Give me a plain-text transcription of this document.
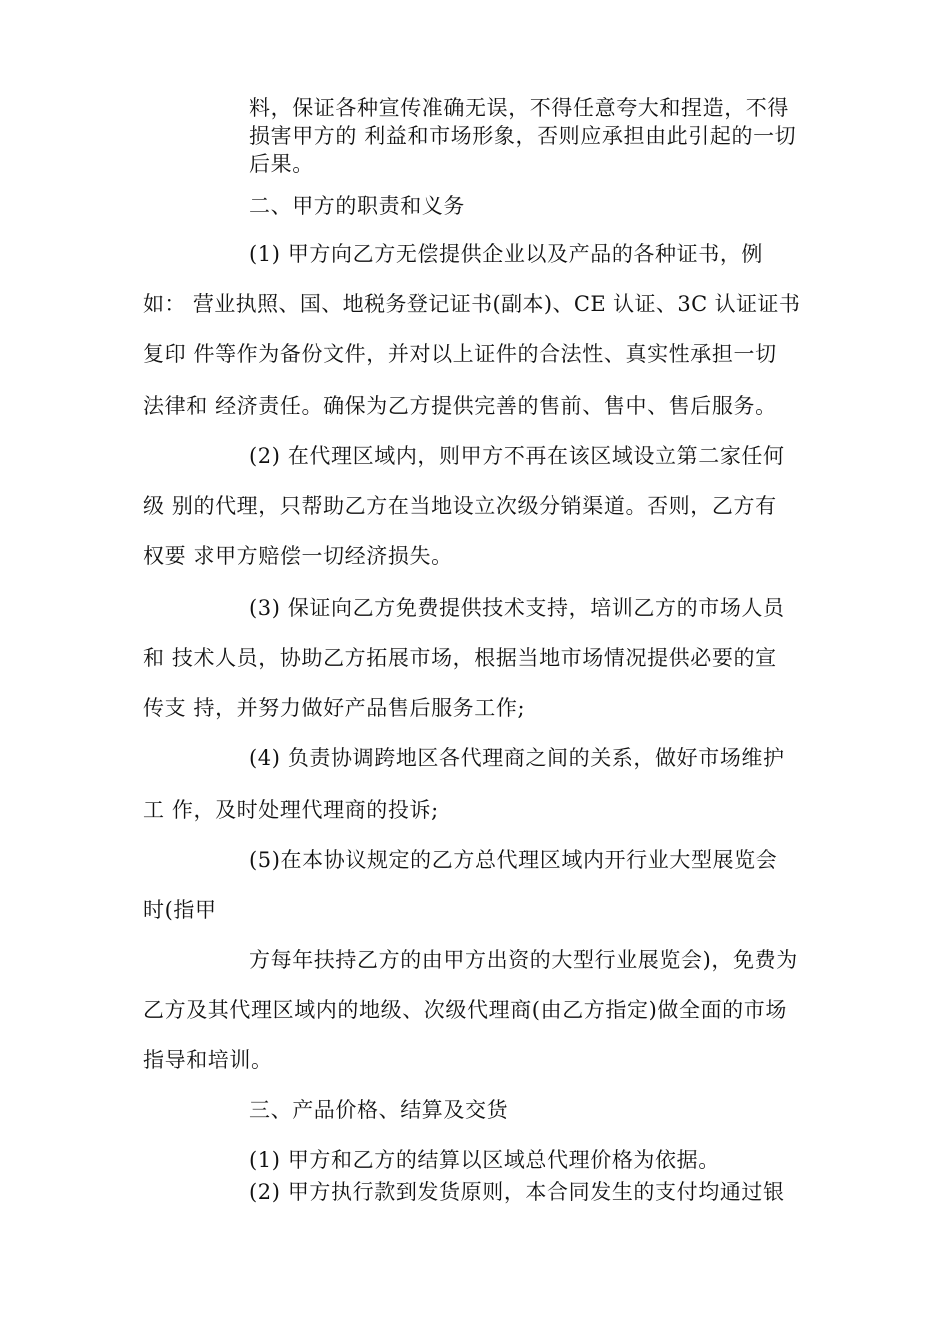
料，保证各种宣传准确无误，不得任意夸大和捏造，不得
损害甲方的 利益和市场形象，否则应承担由此引起的一切
后果。
二、甲方的职责和义务
(1) 甲方向乙方无偿提供企业以及产品的各种证书，例
如： 营业执照、国、地税务登记证书(副本)、CE 认证、3C 认证证书
复印 件等作为备份文件，并对以上证件的合法性、真实性承担一切
法律和 经济责任。确保为乙方提供完善的售前、售中、售后服务。
(2) 在代理区域内，则甲方不再在该区域设立第二家任何
级 别的代理，只帮助乙方在当地设立次级分销渠道。否则，乙方有
权要 求甲方赔偿一切经济损失。
(3) 保证向乙方免费提供技术支持，培训乙方的市场人员
和 技术人员，协助乙方拓展市场，根据当地市场情况提供必要的宣
传支 持，并努力做好产品售后服务工作;
(4) 负责协调跨地区各代理商之间的关系，做好市场维护
工 作，及时处理代理商的投诉;
(5)在本协议规定的乙方总代理区域内开行业大型展览会
时(指甲
方每年扶持乙方的由甲方出资的大型行业展览会)，免费为
乙方及其代理区域内的地级、次级代理商(由乙方指定)做全面的市场
指导和培训。
三、产品价格、结算及交货
(1) 甲方和乙方的结算以区域总代理价格为依据。
(2) 甲方执行款到发货原则，本合同发生的支付均通过银
